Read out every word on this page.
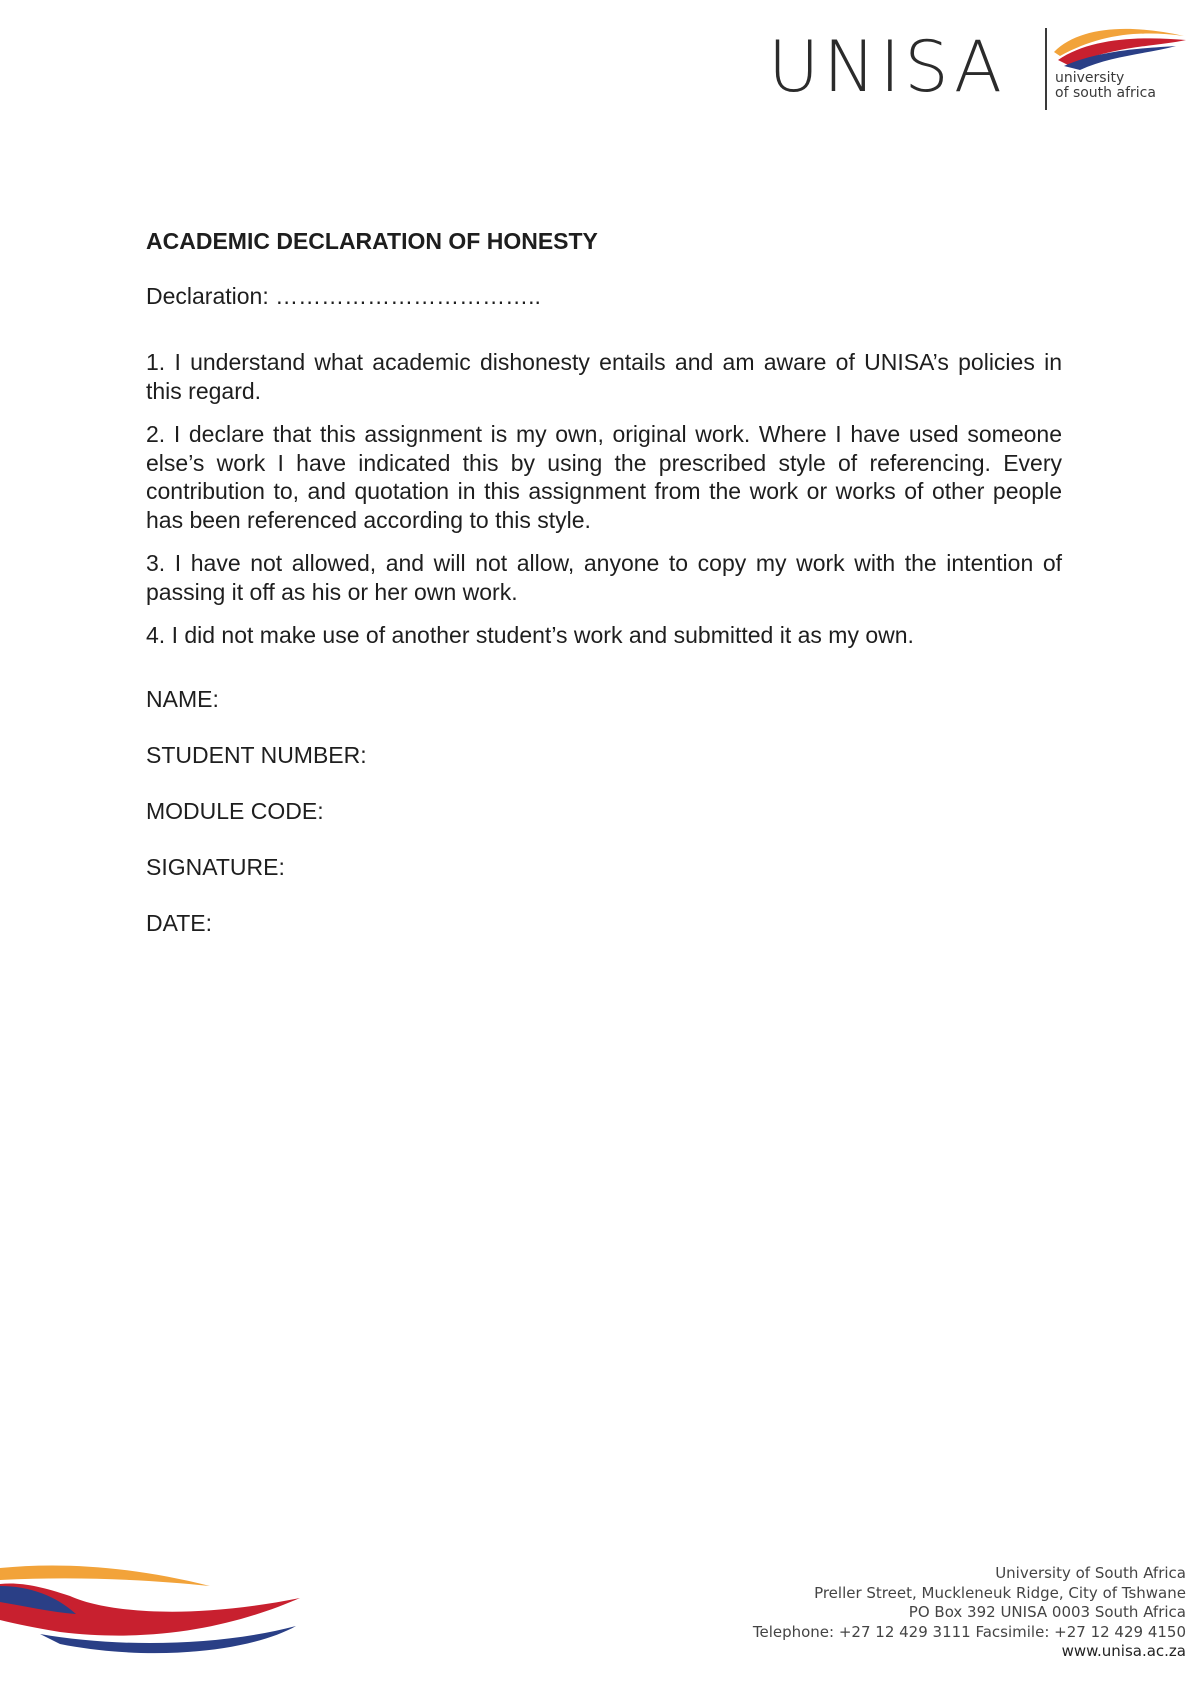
UNISA	university
of south africa
ACADEMIC DECLARATION OF HONESTY
Declaration: ……………………………..

1. I understand what academic dishonesty entails and am aware of UNISA’s policies in this regard.

2. I declare that this assignment is my own, original work. Where I have used someone else’s work I have indicated this by using the prescribed style of referencing. Every contribution to, and quotation in this assignment from the work or works of other people has been referenced according to this style.

3. I have not allowed, and will not allow, anyone to copy my work with the intention of passing it off as his or her own work.

4. I did not make use of another student’s work and submitted it as my own.

NAME:
STUDENT NUMBER:
MODULE CODE:
SIGNATURE:
DATE:
University of South Africa
Preller Street, Muckleneuk Ridge, City of Tshwane
PO Box 392 UNISA 0003 South Africa
Telephone: +27 12 429 3111 Facsimile: +27 12 429 4150
www.unisa.ac.za
